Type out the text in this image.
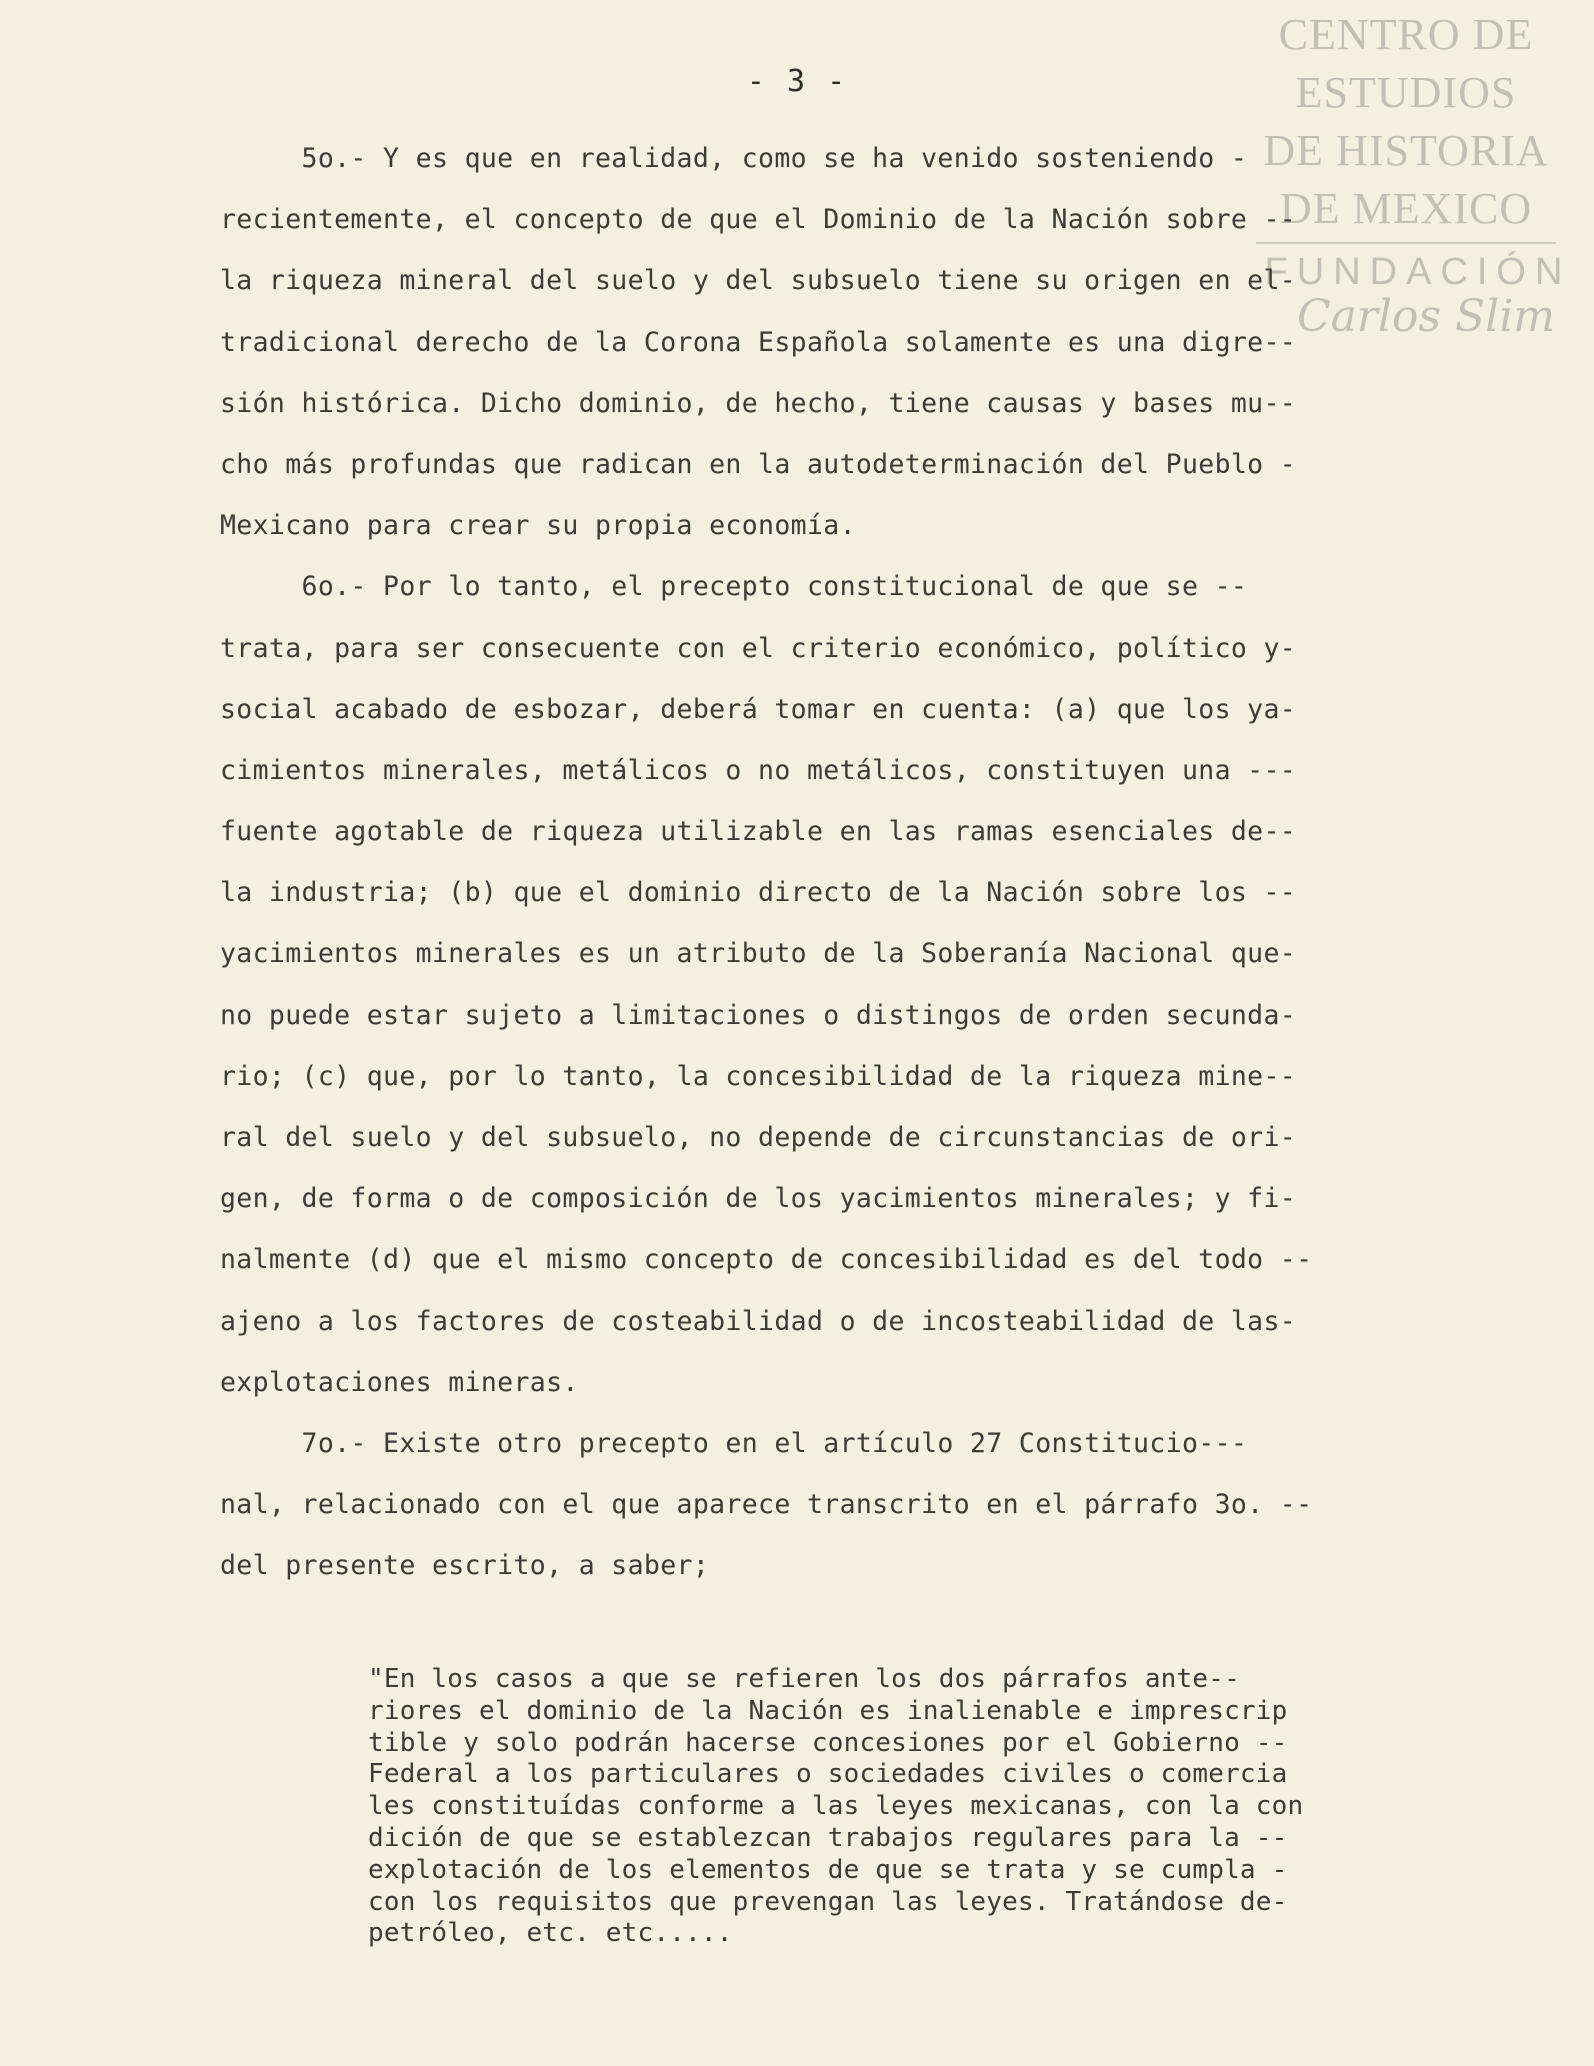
CENTRO DE
ESTUDIOS
DE HISTORIA
DE MEXICO
FUNDACIÓN
Carlos Slim
- 3 -
5o.- Y es que en realidad, como se ha venido sosteniendo -
recientemente, el concepto de que el Dominio de la Nación sobre --
la riqueza mineral del suelo y del subsuelo tiene su origen en el-
tradicional derecho de la Corona Española solamente es una digre--
sión histórica. Dicho dominio, de hecho, tiene causas y bases mu--
cho más profundas que radican en la autodeterminación del Pueblo -
Mexicano para crear su propia economía.
6o.- Por lo tanto, el precepto constitucional de que se --
trata, para ser consecuente con el criterio económico, político y-
social acabado de esbozar, deberá tomar en cuenta: (a) que los ya-
cimientos minerales, metálicos o no metálicos, constituyen una ---
fuente agotable de riqueza utilizable en las ramas esenciales de--
la industria; (b) que el dominio directo de la Nación sobre los --
yacimientos minerales es un atributo de la Soberanía Nacional que-
no puede estar sujeto a limitaciones o distingos de orden secunda-
rio; (c) que, por lo tanto, la concesibilidad de la riqueza mine--
ral del suelo y del subsuelo, no depende de circunstancias de ori-
gen, de forma o de composición de los yacimientos minerales; y fi-
nalmente (d) que el mismo concepto de concesibilidad es del todo --
ajeno a los factores de costeabilidad o de incosteabilidad de las-
explotaciones mineras.
7o.- Existe otro precepto en el artículo 27 Constitucio---
nal, relacionado con el que aparece transcrito en el párrafo 3o. --
del presente escrito, a saber;
"En los casos a que se refieren los dos párrafos ante--
riores el dominio de la Nación es inalienable e imprescrip
tible y solo podrán hacerse concesiones por el Gobierno --
Federal a los particulares o sociedades civiles o comercia
les constituídas conforme a las leyes mexicanas, con la con
dición de que se establezcan trabajos regulares para la --
explotación de los elementos de que se trata y se cumpla -
con los requisitos que prevengan las leyes. Tratándose de-
petróleo, etc. etc.....
